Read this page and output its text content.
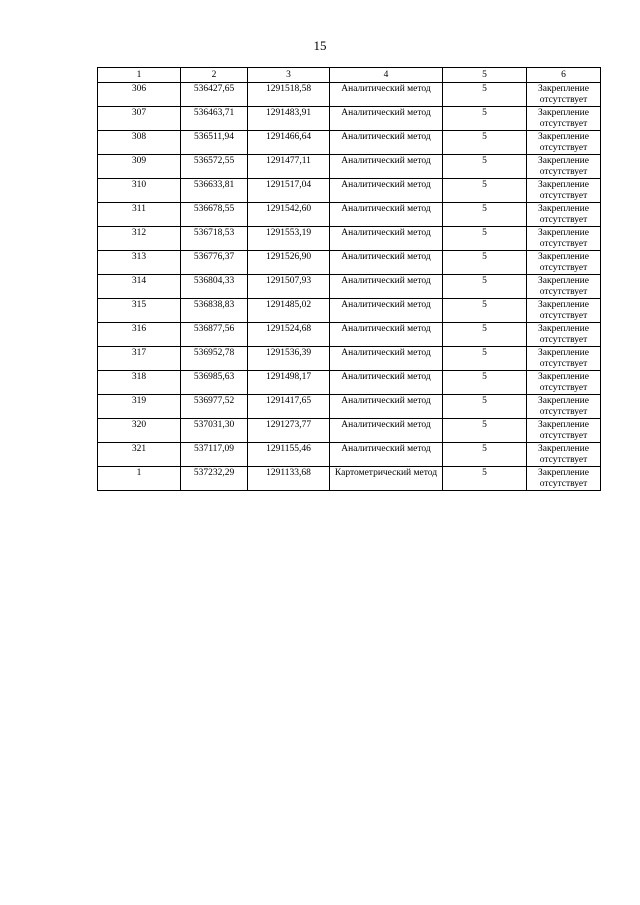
15
1	2	3	4	5	6
306	536427,65	1291518,58	Аналитический метод	5	Закрепление отсутствует
307	536463,71	1291483,91	Аналитический метод	5	Закрепление отсутствует
308	536511,94	1291466,64	Аналитический метод	5	Закрепление отсутствует
309	536572,55	1291477,11	Аналитический метод	5	Закрепление отсутствует
310	536633,81	1291517,04	Аналитический метод	5	Закрепление отсутствует
311	536678,55	1291542,60	Аналитический метод	5	Закрепление отсутствует
312	536718,53	1291553,19	Аналитический метод	5	Закрепление отсутствует
313	536776,37	1291526,90	Аналитический метод	5	Закрепление отсутствует
314	536804,33	1291507,93	Аналитический метод	5	Закрепление отсутствует
315	536838,83	1291485,02	Аналитический метод	5	Закрепление отсутствует
316	536877,56	1291524,68	Аналитический метод	5	Закрепление отсутствует
317	536952,78	1291536,39	Аналитический метод	5	Закрепление отсутствует
318	536985,63	1291498,17	Аналитический метод	5	Закрепление отсутствует
319	536977,52	1291417,65	Аналитический метод	5	Закрепление отсутствует
320	537031,30	1291273,77	Аналитический метод	5	Закрепление отсутствует
321	537117,09	1291155,46	Аналитический метод	5	Закрепление отсутствует
1	537232,29	1291133,68	Картометрический метод	5	Закрепление отсутствует
